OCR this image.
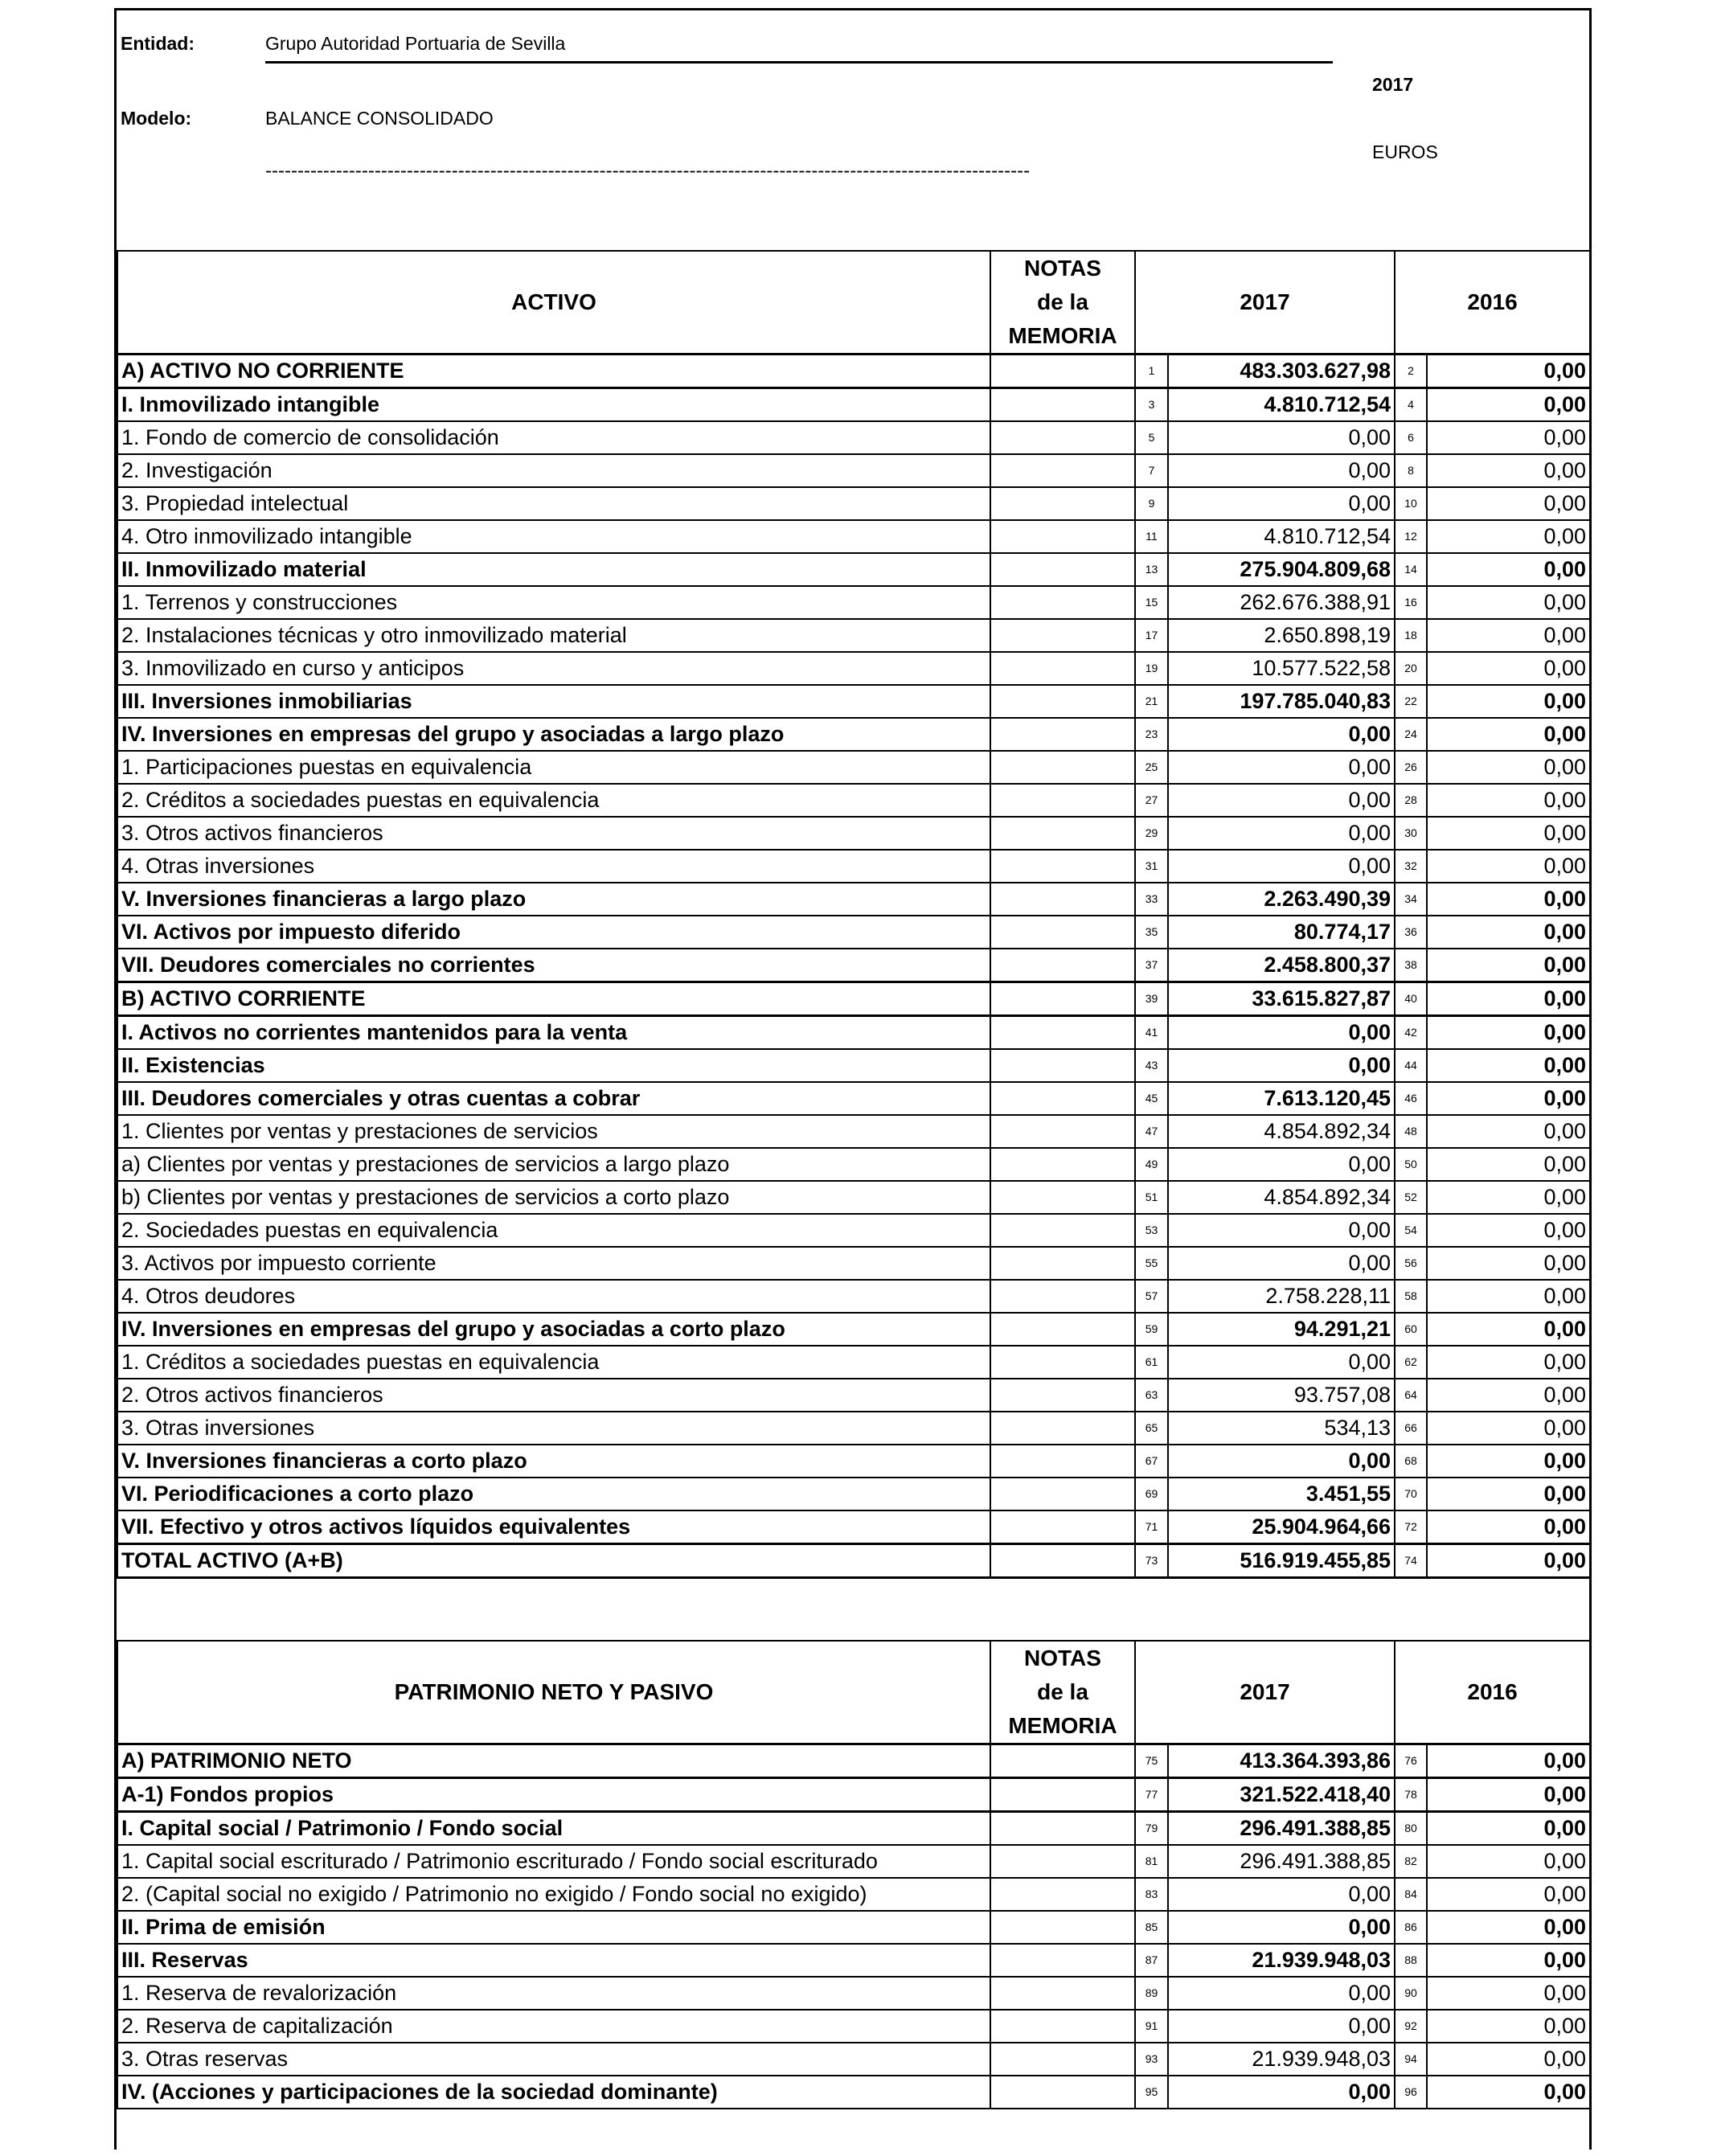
Entidad:	Grupo Autoridad Portuaria de Sevilla
2017
Modelo:	BALANCE CONSOLIDADO
EUROS
-----------------------------------------------------------------------------------------------------------------------
ACTIVO	NOTAS
de la
MEMORIA	2017		2016	
A) ACTIVO NO CORRIENTE		1	483.303.627,98	2	0,00
I. Inmovilizado intangible		3	4.810.712,54	4	0,00
1. Fondo de comercio de consolidación		5	0,00	6	0,00
2. Investigación		7	0,00	8	0,00
3. Propiedad intelectual		9	0,00	10	0,00
4. Otro inmovilizado intangible		11	4.810.712,54	12	0,00
II. Inmovilizado material		13	275.904.809,68	14	0,00
1. Terrenos y construcciones		15	262.676.388,91	16	0,00
2. Instalaciones técnicas y otro inmovilizado material		17	2.650.898,19	18	0,00
3. Inmovilizado en curso y anticipos		19	10.577.522,58	20	0,00
III. Inversiones inmobiliarias		21	197.785.040,83	22	0,00
IV. Inversiones en empresas del grupo y asociadas a largo plazo		23	0,00	24	0,00
1. Participaciones puestas en equivalencia		25	0,00	26	0,00
2. Créditos a sociedades puestas en equivalencia		27	0,00	28	0,00
3. Otros activos financieros		29	0,00	30	0,00
4. Otras inversiones		31	0,00	32	0,00
V. Inversiones financieras a largo plazo		33	2.263.490,39	34	0,00
VI. Activos por impuesto diferido		35	80.774,17	36	0,00
VII. Deudores comerciales no corrientes		37	2.458.800,37	38	0,00
B) ACTIVO CORRIENTE		39	33.615.827,87	40	0,00
I. Activos no corrientes mantenidos para la venta		41	0,00	42	0,00
II. Existencias		43	0,00	44	0,00
III. Deudores comerciales y otras cuentas a cobrar		45	7.613.120,45	46	0,00
1. Clientes por ventas y prestaciones de servicios		47	4.854.892,34	48	0,00
a) Clientes por ventas y prestaciones de servicios a largo plazo		49	0,00	50	0,00
b) Clientes por ventas y prestaciones de servicios a corto plazo		51	4.854.892,34	52	0,00
2. Sociedades puestas en equivalencia		53	0,00	54	0,00
3. Activos por impuesto corriente		55	0,00	56	0,00
4. Otros deudores		57	2.758.228,11	58	0,00
IV. Inversiones en empresas del grupo y asociadas a corto plazo		59	94.291,21	60	0,00
1. Créditos a sociedades puestas en equivalencia		61	0,00	62	0,00
2. Otros activos financieros		63	93.757,08	64	0,00
3. Otras inversiones		65	534,13	66	0,00
V. Inversiones financieras a corto plazo		67	0,00	68	0,00
VI. Periodificaciones a corto plazo		69	3.451,55	70	0,00
VII. Efectivo y otros activos líquidos equivalentes		71	25.904.964,66	72	0,00
TOTAL ACTIVO (A+B)		73	516.919.455,85	74	0,00
PATRIMONIO NETO Y PASIVO	NOTAS
de la
MEMORIA	2017		2016	
A) PATRIMONIO NETO		75	413.364.393,86	76	0,00
A-1) Fondos propios		77	321.522.418,40	78	0,00
I. Capital social / Patrimonio / Fondo social		79	296.491.388,85	80	0,00
1. Capital social escriturado / Patrimonio escriturado / Fondo social escriturado		81	296.491.388,85	82	0,00
2. (Capital social no exigido / Patrimonio no exigido / Fondo social no exigido)		83	0,00	84	0,00
II. Prima de emisión		85	0,00	86	0,00
III. Reservas		87	21.939.948,03	88	0,00
1. Reserva de revalorización		89	0,00	90	0,00
2. Reserva de capitalización		91	0,00	92	0,00
3. Otras reservas		93	21.939.948,03	94	0,00
IV. (Acciones y participaciones de la sociedad dominante)		95	0,00	96	0,00
